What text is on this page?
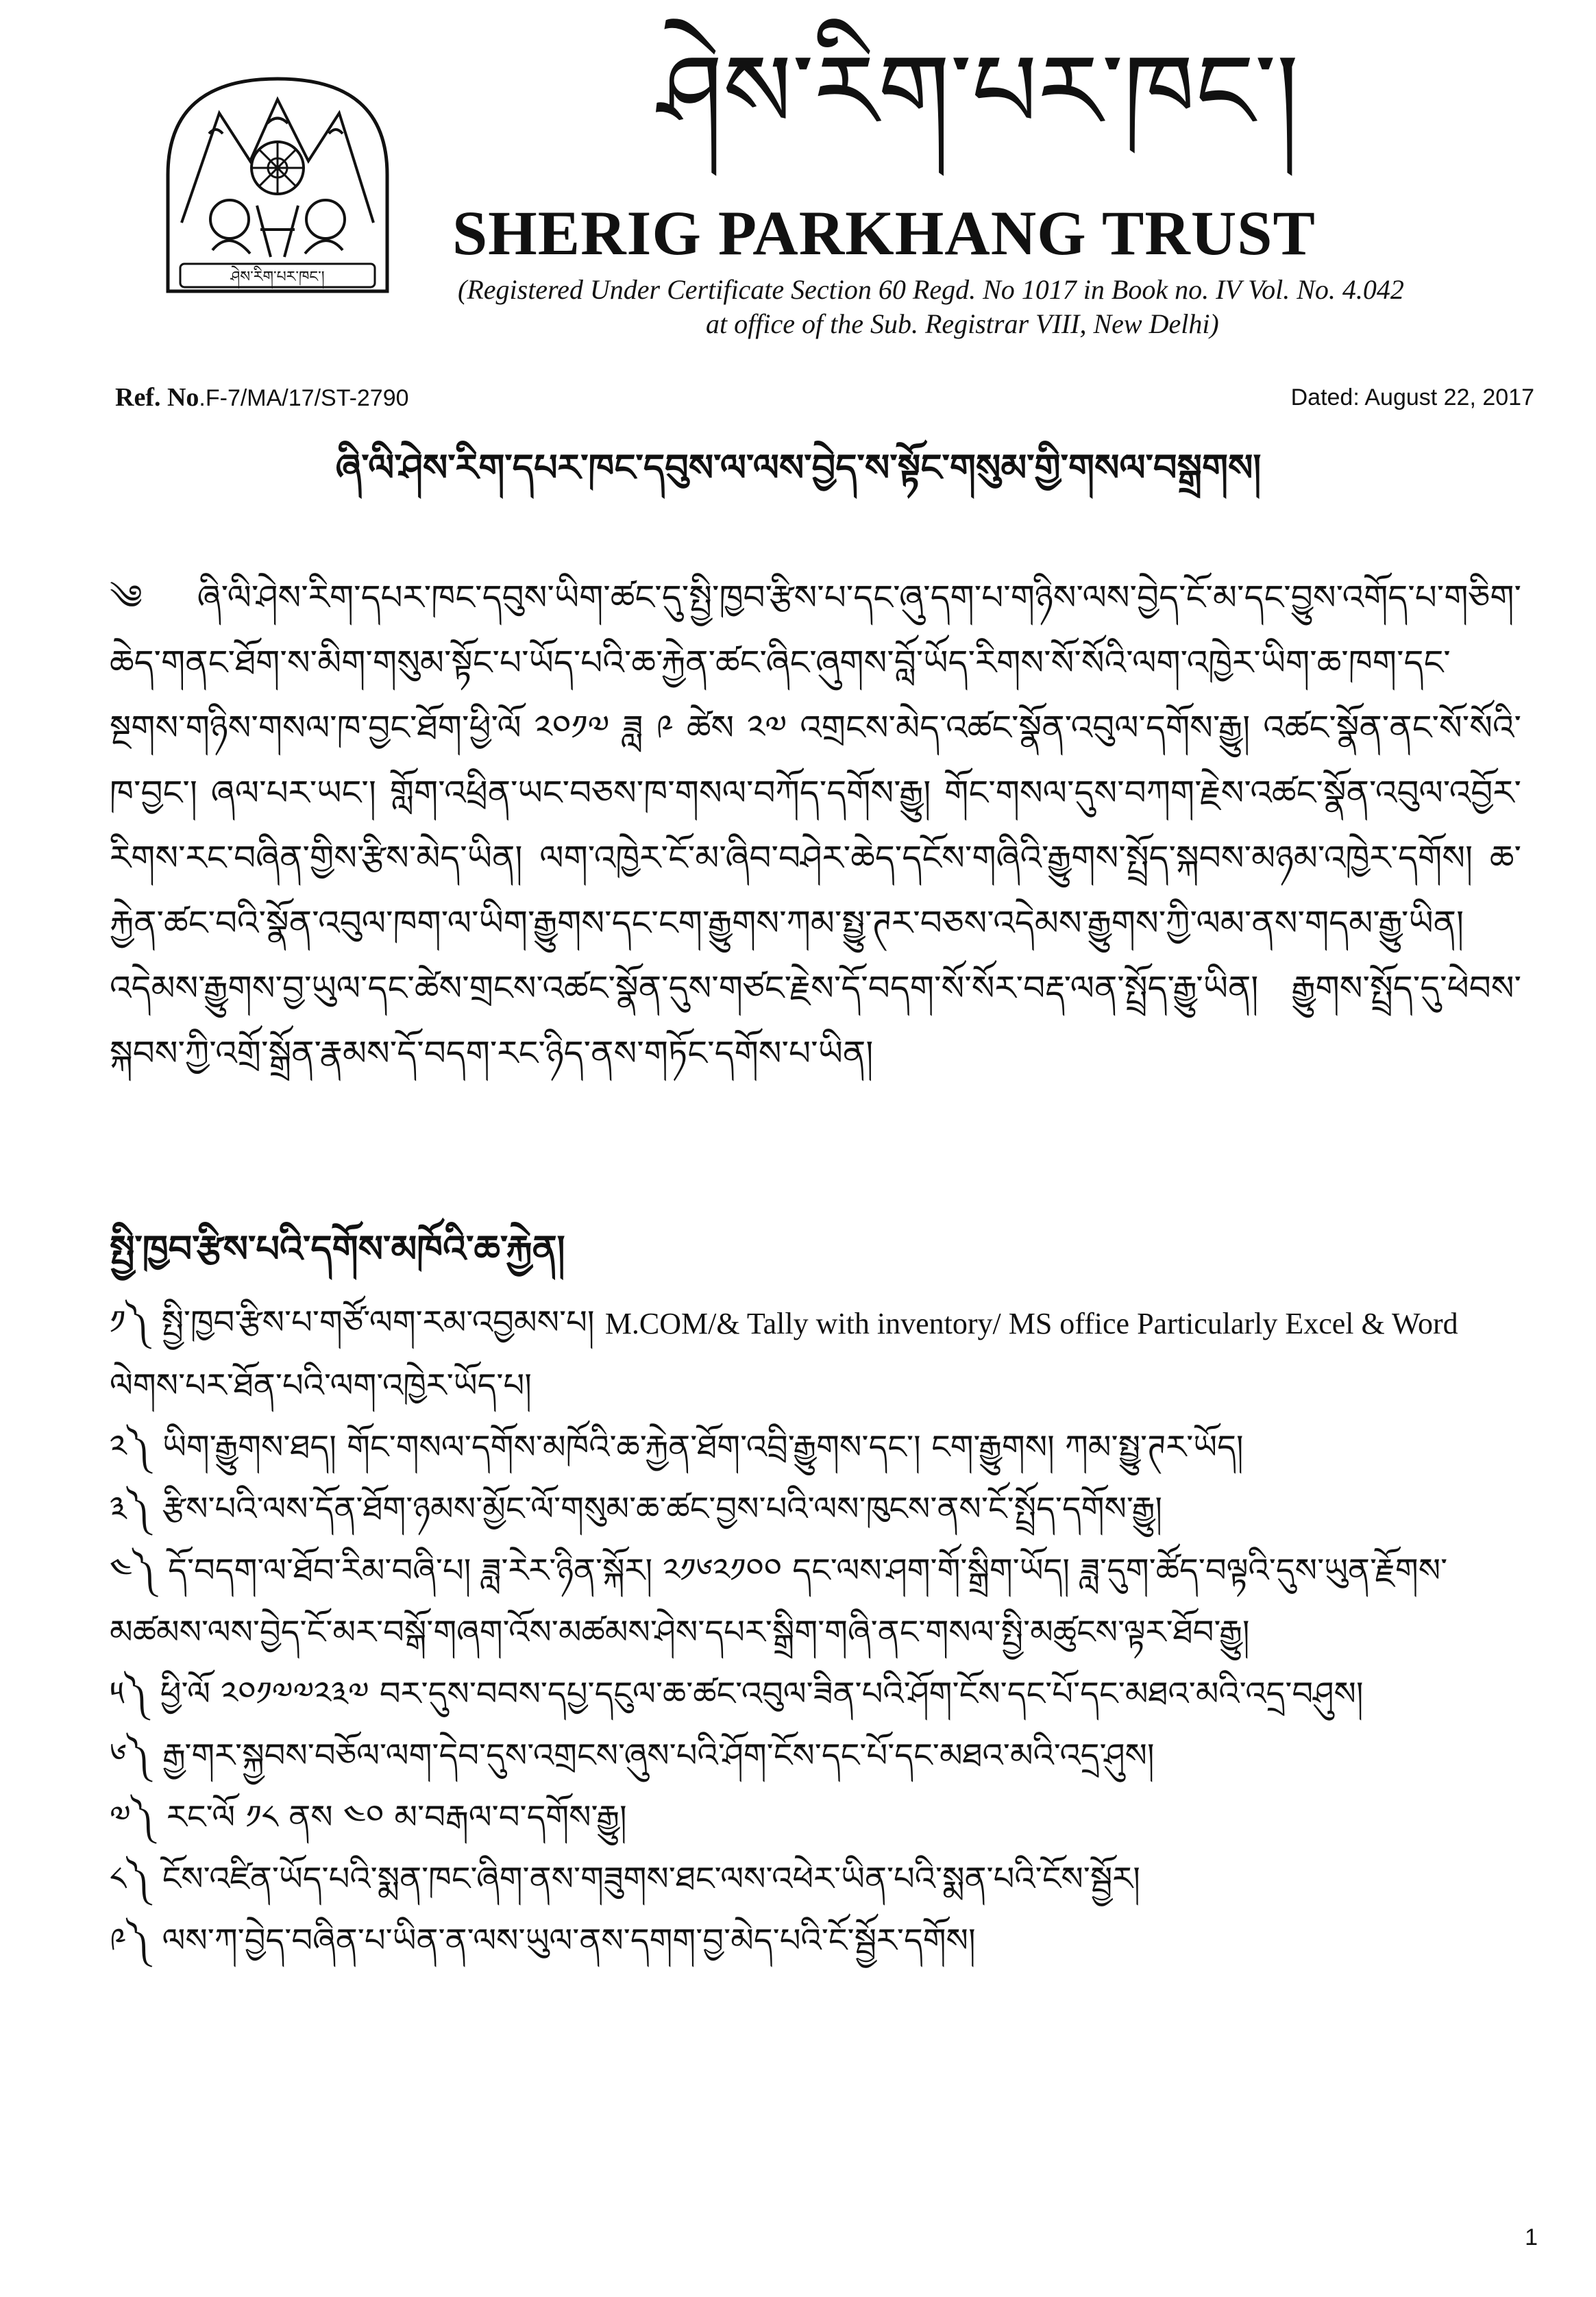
ཤེས་རིག་པར་ཁང་།
ཤེས་རིག་པར་ཁང་།
SHERIG PARKHANG TRUST
(Registered Under Certificate Section 60 Regd. No 1017 in Book no. IV Vol. No. 4.042
at office of the Sub. Registrar VIII, New Delhi)
Ref. No.F-7/MA/17/ST-2790	Dated: August 22, 2017
ཞི་ལི་ཤེས་རིག་དཔར་ཁང་དབུས་ལ་ལས་བྱེད་ས་སྟོང་གསུམ་གྱི་གསལ་བསྒྲགས།
༄ ཞི་ལི་ཤེས་རིག་དཔར་ཁང་དབུས་ཡིག་ཚང་དུ་སྤྱི་ཁྱབ་རྩིས་པ་དང་ཞུ་དག་པ་གཉིས་ལས་བྱེད་ངོ་མ་དང་བྱུས་འགོད་པ་གཅིག་ཆེད་གནང་ཐོག་ས་མིག་གསུམ་སྟོང་པ་ཡོད་པའི་ཆ་རྐྱེན་ཚང་ཞིང་ཞུགས་བློ་ཡོད་རིགས་སོ་སོའི་ལག་འཁྱེར་ཡིག་ཆ་ཁག་དང་སྔགས་གཉིས་གསལ་ཁ་བྱང་ཐོག་ཕྱི་ལོ ༢༠༡༧ ཟླ ༩ ཚེས ༢༧ འགྲངས་མེད་འཚང་སྣོན་འབུལ་དགོས་རྒྱུ། འཚང་སྣོན་ནང་སོ་སོའི་ཁ་བྱང་། ཞལ་པར་ཡང་། གློག་འཕྲིན་ཡང་བཅས་ཁ་གསལ་བཀོད་དགོས་རྒྱུ། གོང་གསལ་དུས་བཀག་རྗེས་འཚང་སྣོན་འབུལ་འབྱོར་རིགས་རང་བཞིན་གྱིས་རྩིས་མེད་ཡིན། ལག་འཁྱེར་ངོ་མ་ཞིབ་བཤེར་ཆེད་དངོས་གཞིའི་རྒྱུགས་སྤྲོད་སྐབས་མཉམ་འཁྱེར་དགོས། ཆ་རྐྱེན་ཚང་བའི་སྣོན་འབུལ་ཁག་ལ་ཡིག་རྒྱུགས་དང་ངག་རྒྱུགས་ཀམ་སྤྱུ་ཊར་བཅས་འདེམས་རྒྱུགས་ཀྱི་ལམ་ནས་གདམ་རྒྱུ་ཡིན། འདེམས་རྒྱུགས་བྱ་ཡུལ་དང་ཚེས་གྲངས་འཚང་སྣོན་དུས་གཙང་རྗེས་དོ་བདག་སོ་སོར་བརྡ་ལན་སྤྲོད་རྒྱུ་ཡིན། རྒྱུགས་སྤྲོད་དུ་ཕེབས་སྐབས་ཀྱི་འགྲོ་སྒྲོན་རྣམས་དོ་བདག་རང་ཉིད་ནས་གཏོང་དགོས་པ་ཡིན།
སྤྱི་ཁྱབ་རྩིས་པའི་དགོས་མཁོའི་ཆ་རྐྱེན།
༡༽ སྤྱི་ཁྱབ་རྩིས་པ་གཙོ་ལག་རམ་འབྱམས་པ། M.COM/& Tally with inventory/ MS office Particularly Excel & Word ལེགས་པར་ཐོན་པའི་ལག་འཁྱེར་ཡོད་པ།
༢༽ ཡིག་རྒྱུགས་ཐད། གོང་གསལ་དགོས་མཁོའི་ཆ་རྐྱེན་ཐོག་འབྲི་རྒྱུགས་དང་། ངག་རྒྱུགས། ཀམ་སྤྱུ་ཊར་ཡོད།
༣༽ རྩིས་པའི་ལས་དོན་ཐོག་ཉམས་མྱོང་ལོ་གསུམ་ཆ་ཚང་བྱས་པའི་ལས་ཁུངས་ནས་ངོ་སྤྲོད་དགོས་རྒྱུ།
༤༽ དོ་བདག་ལ་ཐོབ་རིམ་བཞི་པ། ཟླ་རེར་ཉིན་སྐོར། ༢༡༦༢༡༠༠ དང་ལས་ཤག་གོ་སྒྲིག་ཡོད། ཟླ་དུག་ཚོད་བལྟའི་དུས་ཡུན་རྗོགས་མཚམས་ལས་བྱེད་ངོ་མར་བསྒོ་གཞག་འོས་མཚམས་ཤེས་དཔར་སྒྲིག་གཞི་ནང་གསལ་སྤྱི་མཚུངས་ལྟར་ཐོབ་རྒྱུ།
༥༽ ཕྱི་ལོ ༢༠༡༧༧༢༣༧ བར་དུས་བབས་དཔྱ་དངུལ་ཆ་ཚང་འབུལ་ཟིན་པའི་ཤོག་ངོས་དང་པོ་དང་མཐའ་མའི་འདྲ་བཤུས།
༦༽ རྒྱ་གར་སྐྱབས་བཅོལ་ལག་དེབ་དུས་འགྲངས་ཞུས་པའི་ཤོག་ངོས་དང་པོ་དང་མཐའ་མའི་འདྲ་ཤུས།
༧༽ རང་ལོ ༡༨ ནས ༤༠ མ་བརྒལ་བ་དགོས་རྒྱུ།
༨༽ ངོས་འཛིན་ཡོད་པའི་སྨན་ཁང་ཞིག་ནས་གཟུགས་ཐང་ལས་འཕེར་ཡིན་པའི་སྨན་པའི་ངོས་སྦྱོར།
༩༽ ལས་ཀ་བྱེད་བཞིན་པ་ཡིན་ན་ལས་ཡུལ་ནས་དགག་བྱ་མེད་པའི་ངོ་སྦྱོར་དགོས།
1
